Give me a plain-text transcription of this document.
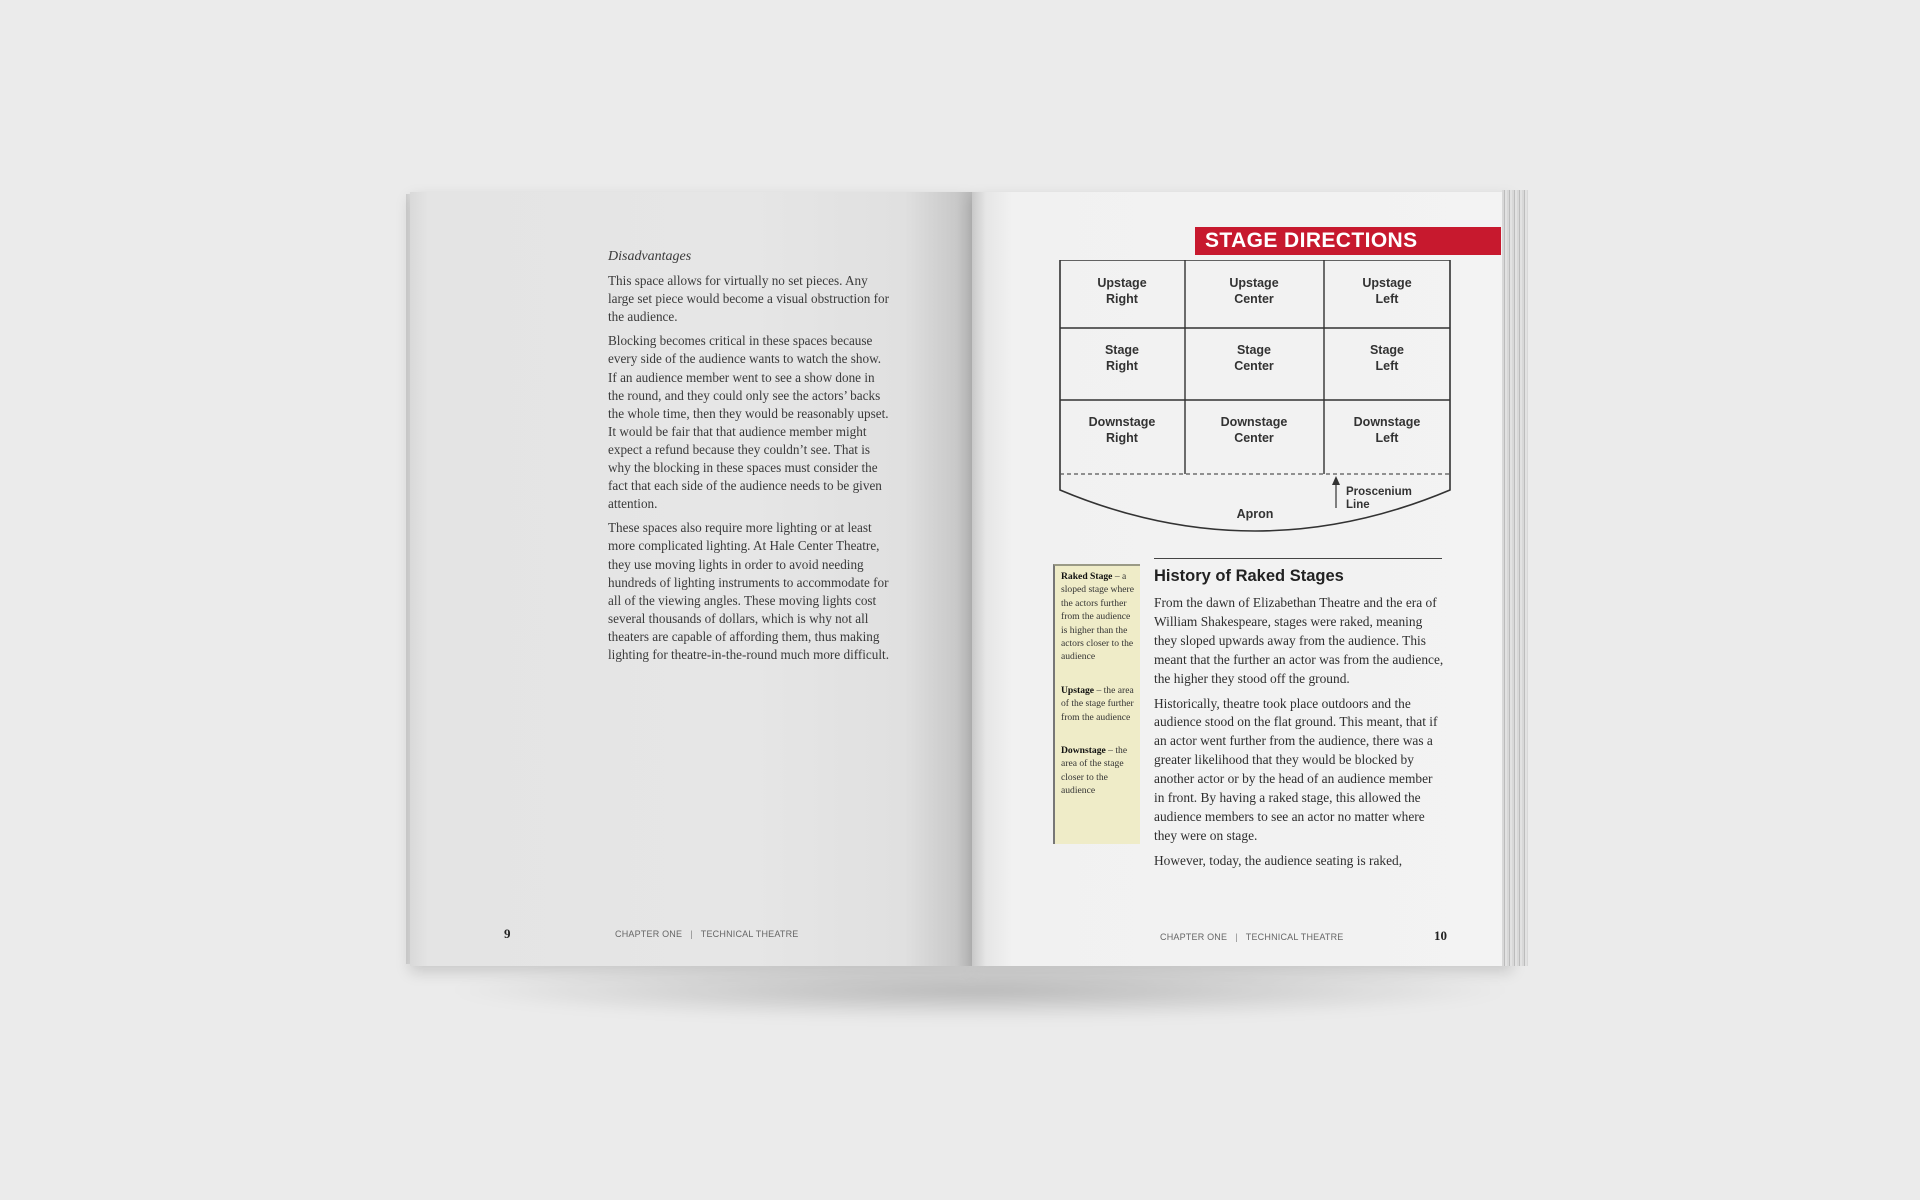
Disadvantages

This space allows for virtually no set pieces. Any large set piece would become a visual obstruction for the audience.

Blocking becomes critical in these spaces because every side of the audience wants to watch the show. If an audience member went to see a show done in the round, and they could only see the actors’ backs the whole time, then they would be reasonably upset. It would be fair that that audience member might expect a refund because they couldn’t see. That is why the blocking in these spaces must consider the fact that each side of the audience needs to be given attention.

These spaces also require more lighting or at least more complicated lighting. At Hale Center Theatre, they use moving lights in order to avoid needing hundreds of lighting instruments to accommodate for all of the viewing angles. These moving lights cost several thousands of dollars, which is why not all theaters are capable of affording them, thus making lighting for theatre-in-the-round much more difficult.

9	CHAPTER ONE | TECHNICAL THEATRE
STAGE DIRECTIONS
Upstage
Right
Upstage
Center
Upstage
Left
Stage
Right
Stage
Center
Stage
Left
Downstage
Right
Downstage
Center
Downstage
Left
Proscenium
Line
Apron
Raked Stage – a sloped stage where the actors further from the audience is higher than the actors closer to the audience
Upstage – the area of the stage further from the audience
Downstage – the area of the stage closer to the audience
History of Raked Stages

From the dawn of Elizabethan Theatre and the era of William Shakespeare, stages were raked, meaning they sloped upwards away from the audience. This meant that the further an actor was from the audience, the higher they stood off the ground.

Historically, theatre took place outdoors and the audience stood on the flat ground. This meant, that if an actor went further from the audience, there was a greater likelihood that they would be blocked by another actor or by the head of an audience member in front. By having a raked stage, this allowed the audience members to see an actor no matter where they were on stage.

However, today, the audience seating is raked,

CHAPTER ONE | TECHNICAL THEATRE	10
